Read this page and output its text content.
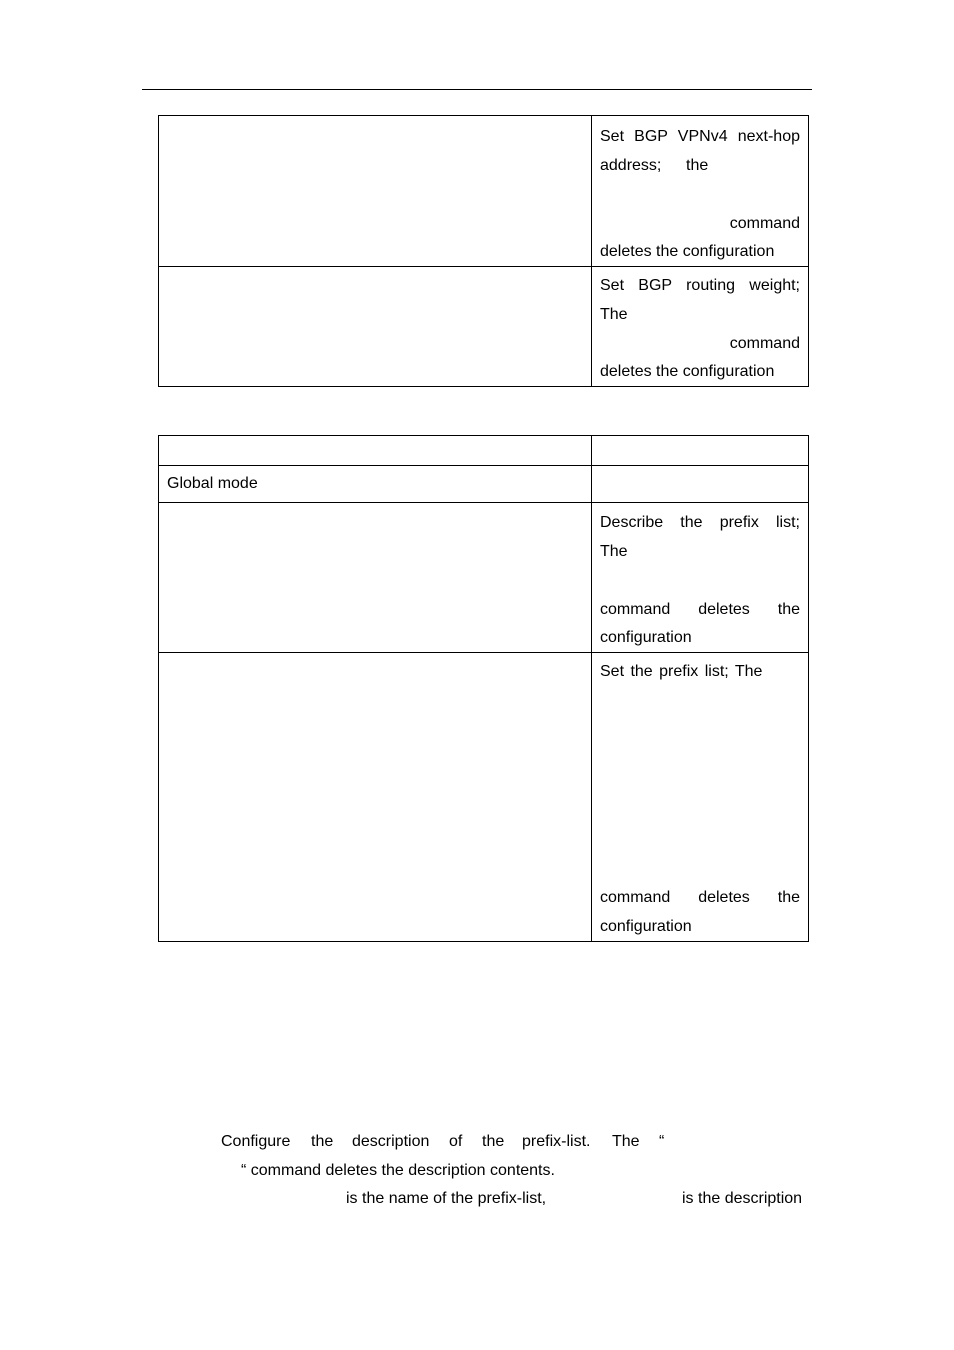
	Set BGP VPNv4 next-hop
address; the
command
deletes the configuration

	Set BGP routing weight;
The
command
deletes the configuration

Global mode	

	Describe the prefix list;
The
command deletes the
configuration

	Set the prefix list; The
command deletes the
configuration
Configure the description of the prefix-list. The “
“ command deletes the description contents.
is the name of the prefix-list,	is the description
